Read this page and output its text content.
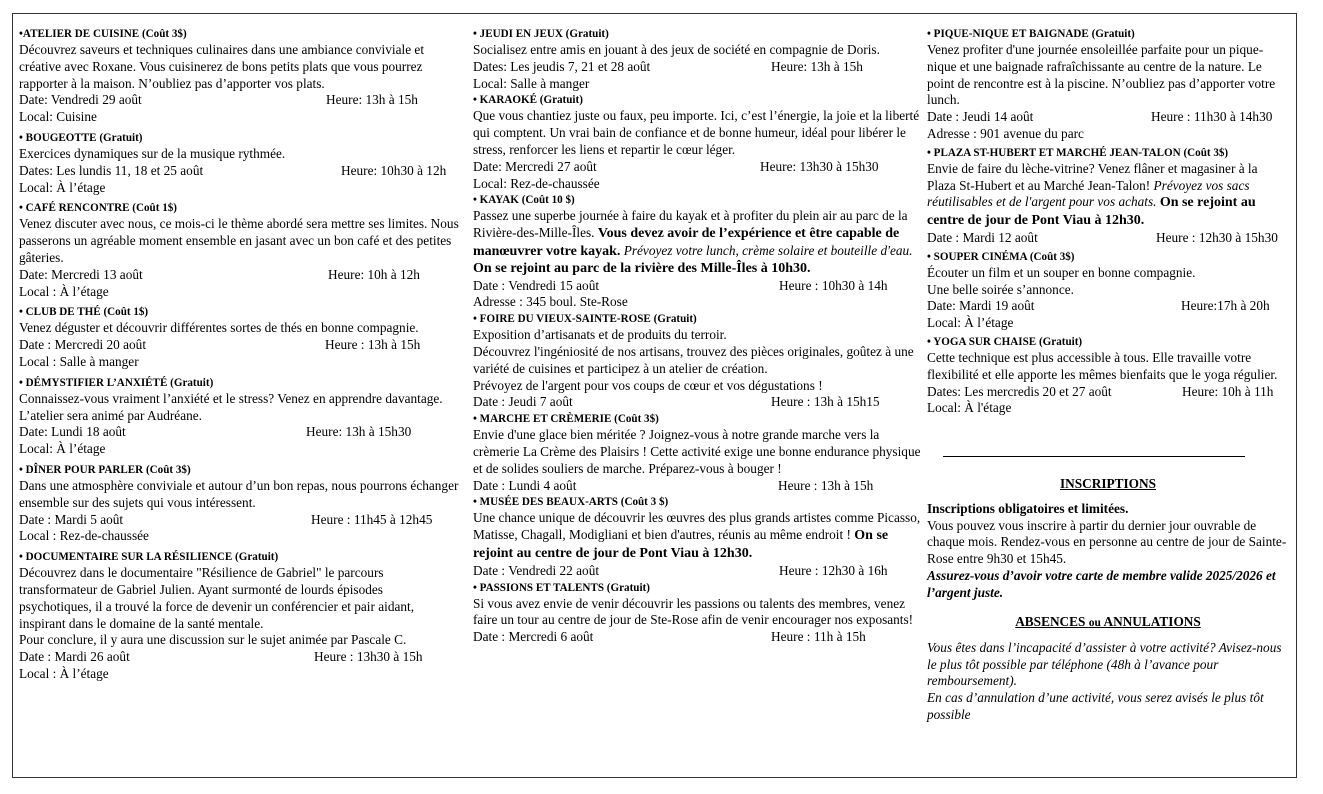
•ATELIER DE CUISINE (Coût 3$)
Découvrez saveurs et techniques culinaires dans une ambiance conviviale et créative avec Roxane. Vous cuisinerez de bons petits plats que vous pourrez rapporter à la maison. N’oubliez pas d’apporter vos plats.
Date: Vendredi 29 août	Heure: 13h à 15h
Local: Cuisine
• BOUGEOTTE (Gratuit)
Exercices dynamiques sur de la musique rythmée.
Dates: Les lundis 11, 18 et 25 août	Heure: 10h30 à 12h
Local: À l’étage
• CAFÉ RENCONTRE (Coût 1$)
Venez discuter avec nous, ce mois-ci le thème abordé sera mettre ses limites. Nous passerons un agréable moment ensemble en jasant avec un bon café et des petites gâteries.
Date: Mercredi 13 août	Heure: 10h à 12h
Local : À l’étage
• CLUB DE THÉ (Coût 1$)
Venez déguster et découvrir différentes sortes de thés en bonne compagnie.
Date : Mercredi 20 août	Heure : 13h à 15h
Local : Salle à manger
• DÉMYSTIFIER L’ANXIÉTÉ (Gratuit)
Connaissez-vous vraiment l’anxiété et le stress? Venez en apprendre davantage. L’atelier sera animé par Audréane.
Date: Lundi 18 août	Heure: 13h à 15h30
Local: À l’étage
• DÎNER POUR PARLER (Coût 3$)
Dans une atmosphère conviviale et autour d’un bon repas, nous pourrons échanger ensemble sur des sujets qui vous intéressent.
Date : Mardi 5 août	Heure : 11h45 à 12h45
Local : Rez-de-chaussée
• DOCUMENTAIRE SUR LA RÉSILIENCE (Gratuit)
Découvrez dans le documentaire "Résilience de Gabriel" le parcours transformateur de Gabriel Julien. Ayant surmonté de lourds épisodes psychotiques, il a trouvé la force de devenir un conférencier et pair aidant, inspirant dans le domaine de la santé mentale.
Pour conclure, il y aura une discussion sur le sujet animée par Pascale C.
Date : Mardi 26 août	Heure : 13h30 à 15h
Local : À l’étage
• JEUDI EN JEUX (Gratuit)
Socialisez entre amis en jouant à des jeux de société en compagnie de Doris.
Dates: Les jeudis 7, 21 et 28 août	Heure: 13h à 15h
Local: Salle à manger
• KARAOKÉ (Gratuit)
Que vous chantiez juste ou faux, peu importe. Ici, c’est l’énergie, la joie et la liberté qui comptent. Un vrai bain de confiance et de bonne humeur, idéal pour libérer le stress, renforcer les liens et repartir le cœur léger.
Date: Mercredi 27 août	Heure: 13h30 à 15h30
Local: Rez-de-chaussée
• KAYAK (Coût 10 $)
Passez une superbe journée à faire du kayak et à profiter du plein air au parc de la Rivière-des-Mille-Îles. Vous devez avoir de l’expérience et être capable de manœuvrer votre kayak. Prévoyez votre lunch, crème solaire et bouteille d'eau.
On se rejoint au parc de la rivière des Mille-Îles à 10h30.
Date : Vendredi 15 août	Heure : 10h30 à 14h
Adresse : 345 boul. Ste-Rose
• FOIRE DU VIEUX-SAINTE-ROSE (Gratuit)
Exposition d’artisanats et de produits du terroir.
Découvrez l'ingéniosité de nos artisans, trouvez des pièces originales, goûtez à une variété de cuisines et participez à un atelier de création.
Prévoyez de l'argent pour vos coups de cœur et vos dégustations !
Date : Jeudi 7 août	Heure : 13h à 15h15
• MARCHE ET CRÈMERIE (Coût 3$)
Envie d'une glace bien méritée ? Joignez-vous à notre grande marche vers la crèmerie La Crème des Plaisirs ! Cette activité exige une bonne endurance physique et de solides souliers de marche. Préparez-vous à bouger !
Date : Lundi 4 août	Heure : 13h à 15h
• MUSÉE DES BEAUX-ARTS (Coût 3 $)
Une chance unique de découvrir les œuvres des plus grands artistes comme Picasso, Matisse, Chagall, Modigliani et bien d'autres, réunis au même endroit ! On se rejoint au centre de jour de Pont Viau à 12h30.
Date : Vendredi 22 août	Heure : 12h30 à 16h
• PASSIONS ET TALENTS (Gratuit)
Si vous avez envie de venir découvrir les passions ou talents des membres, venez faire un tour au centre de jour de Ste-Rose afin de venir encourager nos exposants!
Date : Mercredi 6 août	Heure : 11h à 15h
• PIQUE-NIQUE ET BAIGNADE (Gratuit)
Venez profiter d'une journée ensoleillée parfaite pour un pique-nique et une baignade rafraîchissante au centre de la nature. Le point de rencontre est à la piscine. N’oubliez pas d’apporter votre lunch.
Date : Jeudi 14 août	Heure : 11h30 à 14h30
Adresse : 901 avenue du parc
• PLAZA ST-HUBERT ET MARCHÉ JEAN-TALON (Coût 3$)
Envie de faire du lèche-vitrine? Venez flâner et magasiner à la Plaza St-Hubert et au Marché Jean-Talon! Prévoyez vos sacs réutilisables et de l'argent pour vos achats. On se rejoint au centre de jour de Pont Viau à 12h30.
Date : Mardi 12 août	Heure : 12h30 à 15h30
• SOUPER CINÉMA (Coût 3$)
Écouter un film et un souper en bonne compagnie.
Une belle soirée s’annonce.
Date: Mardi 19 août	Heure:17h à 20h
Local: À l’étage
• YOGA SUR CHAISE (Gratuit)
Cette technique est plus accessible à tous. Elle travaille votre flexibilité et elle apporte les mêmes bienfaits que le yoga régulier.
Dates: Les mercredis 20 et 27 août	Heure: 10h à 11h
Local: À l'étage
INSCRIPTIONS
Inscriptions obligatoires et limitées.
Vous pouvez vous inscrire à partir du dernier jour ouvrable de chaque mois. Rendez-vous en personne au centre de jour de Sainte-Rose entre 9h30 et 15h45.
Assurez-vous d’avoir votre carte de membre valide 2025/2026 et l’argent juste.
ABSENCES ou ANNULATIONS
Vous êtes dans l’incapacité d’assister à votre activité? Avisez-nous le plus tôt possible par téléphone (48h à l’avance pour remboursement).
En cas d’annulation d’une activité, vous serez avisés le plus tôt possible
